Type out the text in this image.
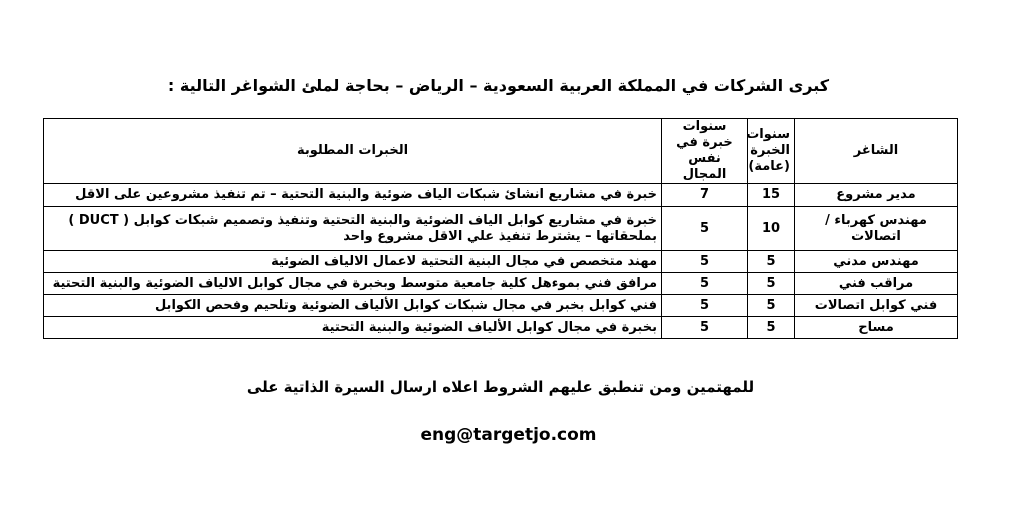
كبرى الشركات في المملكة العربية السعودية – الرياض – بحاجة لملئ الشواغر التالية :
الشاغر	سنوات الخبرة (عامة)	سنوات خبرة في نفس المجال	الخبرات المطلوبة
مدير مشروع	15	7	خبرة في مشاريع انشائ شبكات الياف ضوئية والبنية التحتية – تم تنفيذ مشروعين على الاقل
مهندس كهرباء / اتصالات	10	5	خبرة في مشاريع كوابل الياف الضوئية والبنية التحتية وتنفيذ وتصميم شبكات كوابل ( DUCT ) بملحقاتها – يشترط تنفيذ علي الاقل مشروع واحد
مهندس مدني	5	5	مهند متخصص في مجال البنية التحتية لاعمال الالياف الضوئية
مراقب فني	5	5	مرافق فني بموءهل كلية جامعية متوسط وبخبرة في مجال كوابل الالياف الضوئية والبنية التحتية
فني كوابل اتصالات	5	5	فني كوابل بخبر في مجال شبكات كوابل الألياف الضوئية وتلحيم وفحص الكوابل
مساح	5	5	بخبرة في مجال كوابل الألياف الضوئية والبنية التحتية
للمهتمين ومن تنطبق عليهم الشروط اعلاه ارسال السيرة الذاتية على
eng@targetjo.com
